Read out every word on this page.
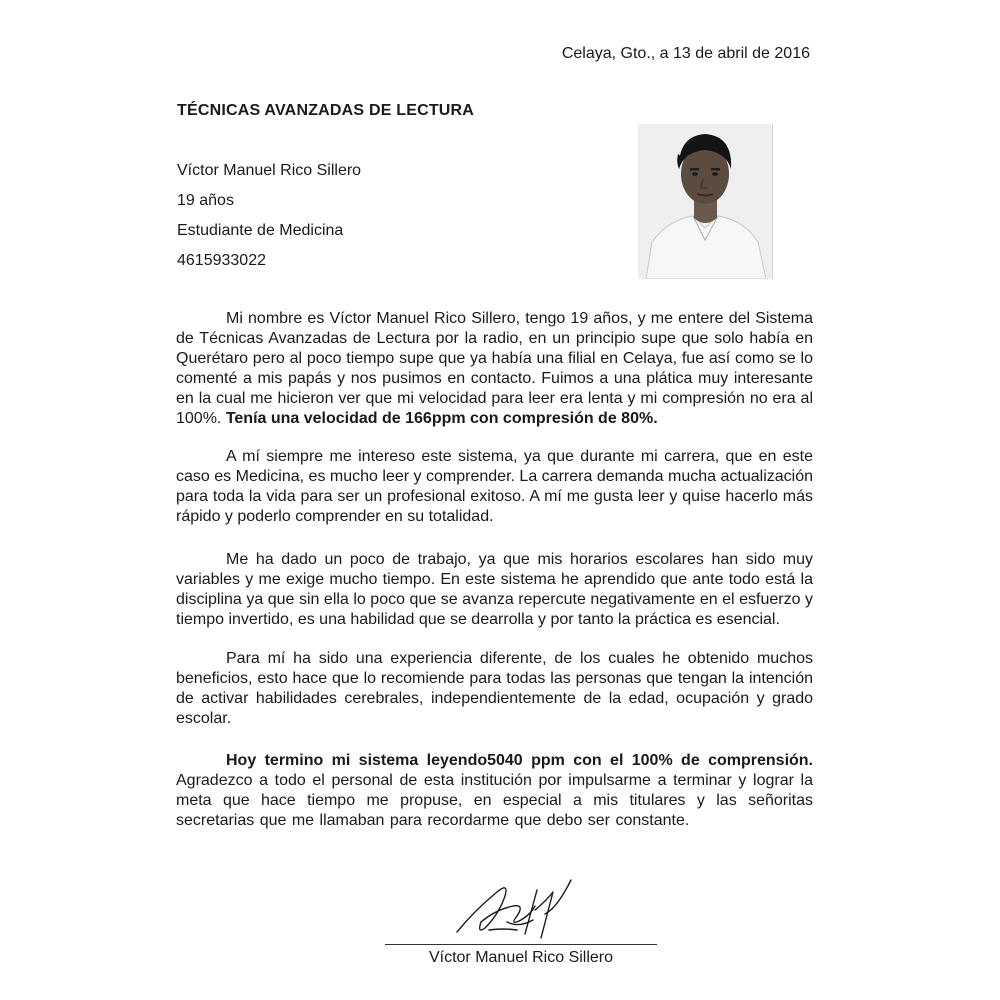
Celaya, Gto., a 13 de abril de 2016
TÉCNICAS AVANZADAS DE LECTURA
Víctor Manuel Rico Sillero
19 años
Estudiante de Medicina
4615933022

Mi nombre es Víctor Manuel Rico Sillero, tengo 19 años, y me entere del Sistema de Técnicas Avanzadas de Lectura por la radio, en un principio supe que solo había en Querétaro pero al poco tiempo supe que ya había una filial en Celaya, fue así como se lo comenté a mis papás y nos pusimos en contacto. Fuimos a una plática muy interesante en la cual me hicieron ver que mi velocidad para leer era lenta y mi compresión no era al 100%. Tenía una velocidad de 166ppm con compresión de 80%.

A mí siempre me intereso este sistema, ya que durante mi carrera, que en este caso es Medicina, es mucho leer y comprender. La carrera demanda mucha actualización para toda la vida para ser un profesional exitoso. A mí me gusta leer y quise hacerlo más rápido y poderlo comprender en su totalidad.

Me ha dado un poco de trabajo, ya que mis horarios escolares han sido muy variables y me exige mucho tiempo. En este sistema he aprendido que ante todo está la disciplina ya que sin ella lo poco que se avanza repercute negativamente en el esfuerzo y tiempo invertido, es una habilidad que se dearrolla y por tanto la práctica es esencial.

Para mí ha sido una experiencia diferente, de los cuales he obtenido muchos beneficios, esto hace que lo recomiende para todas las personas que tengan la intención de activar habilidades cerebrales, independientemente de la edad, ocupación y grado escolar.

Hoy termino mi sistema leyendo5040 ppm con el 100% de comprensión. Agradezco a todo el personal de esta institución por impulsarme a terminar y lograr la meta que hace tiempo me propuse, en especial a mis titulares y las señoritas secretarias que me llamaban para recordarme que debo ser constante.

Víctor Manuel Rico Sillero
